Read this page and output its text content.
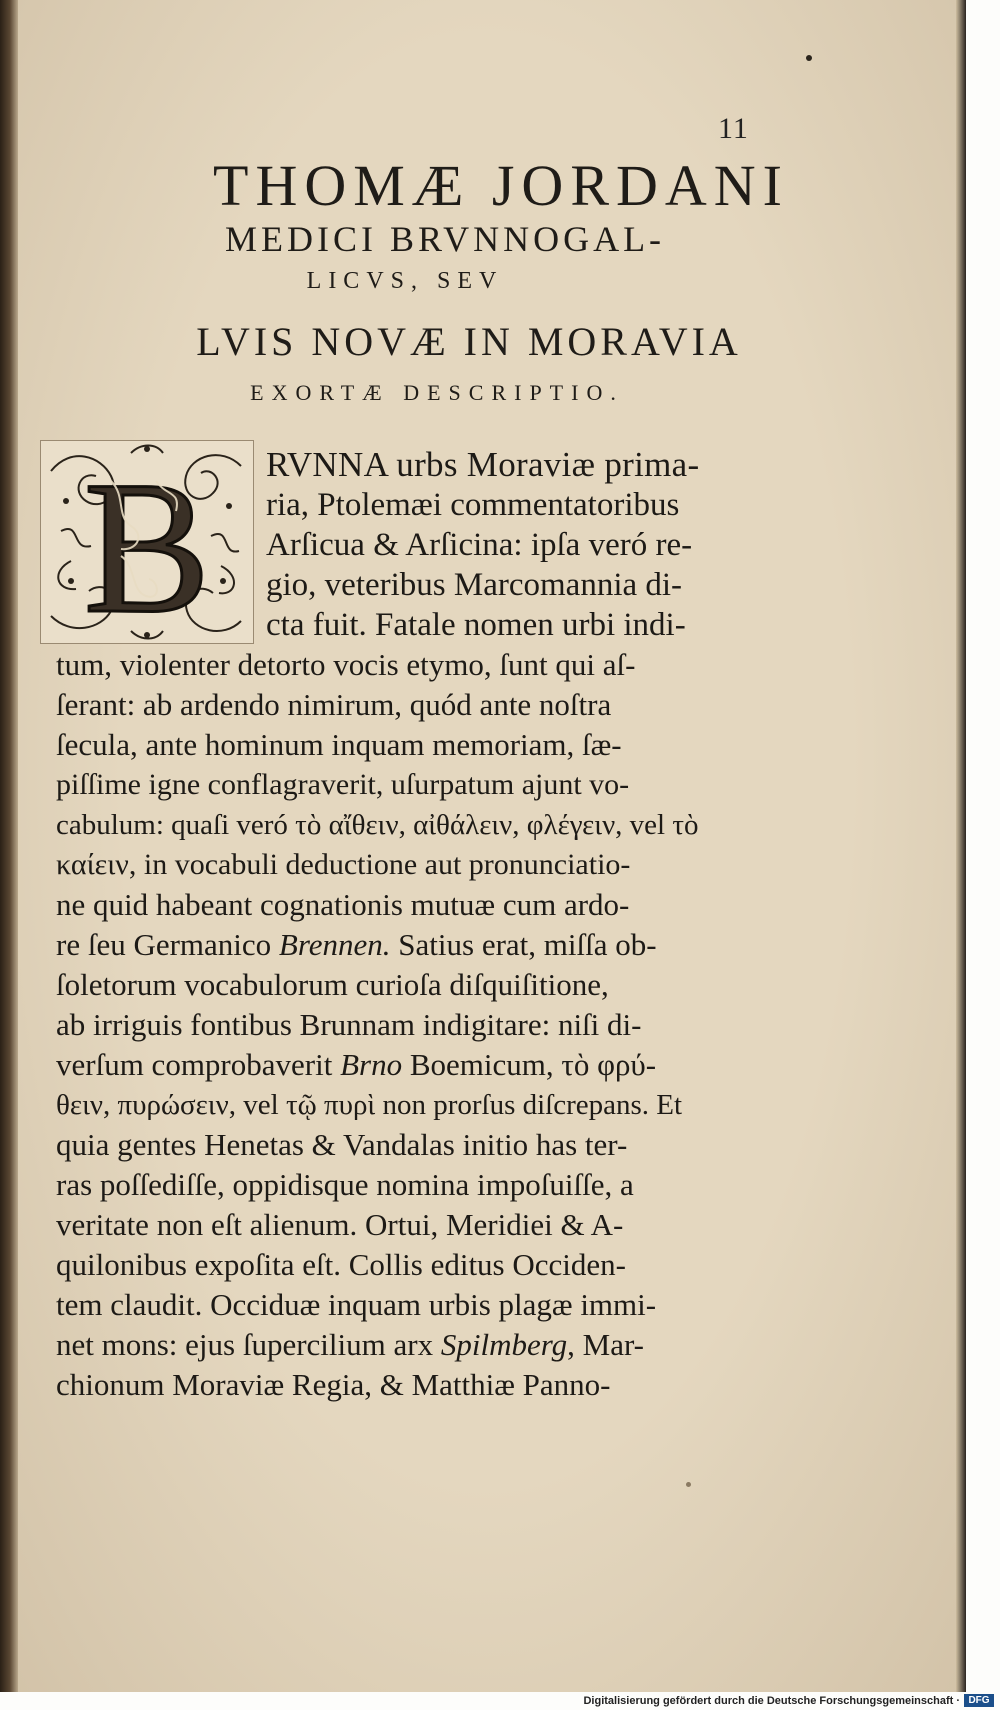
11
THOMÆ JORDANI
MEDICI BRVNNOGAL-
LICVS, SEV
LVIS NOVÆ IN MORAVIA
EXORTÆ DESCRIPTIO.
B RVNNA urbs Moraviæ prima-
ria, Ptolemæi commentatoribus
Arſicua & Arſicina: ipſa veró re-
gio, veteribus Marcomannia di-
cta fuit. Fatale nomen urbi indi-
tum, violenter detorto vocis etymo, ſunt qui aſ-
ſerant: ab ardendo nimirum, quód ante noſtra
ſecula, ante hominum inquam memoriam, ſæ-
piſſime igne conflagraverit, uſurpatum ajunt vo-
cabulum: quaſi veró τὸ αἴθειν, αἰθάλειν, φλέγειν, vel τὸ
καίειν, in vocabuli deductione aut pronunciatio-
ne quid habeant cognationis mutuæ cum ardo-
re ſeu Germanico Brennen. Satius erat, miſſa ob-
ſoletorum vocabulorum curioſa diſquiſitione,
ab irriguis fontibus Brunnam indigitare: niſi di-
verſum comprobaverit Brno Boemicum, τὸ φρύ-
θειν, πυρώσειν, vel τῷ πυρὶ non prorſus diſcrepans. Et
quia gentes Henetas & Vandalas initio has ter-
ras poſſediſſe, oppidisque nomina impoſuiſſe, a
veritate non eſt alienum. Ortui, Meridiei & A-
quilonibus expoſita eſt. Collis editus Occiden-
tem claudit. Occiduæ inquam urbis plagæ immi-
net mons: ejus ſupercilium arx Spilmberg, Mar-
chionum Moraviæ Regia, & Matthiæ Panno-
Digitalisierung gefördert durch die Deutsche Forschungsgemeinschaft · DFG
